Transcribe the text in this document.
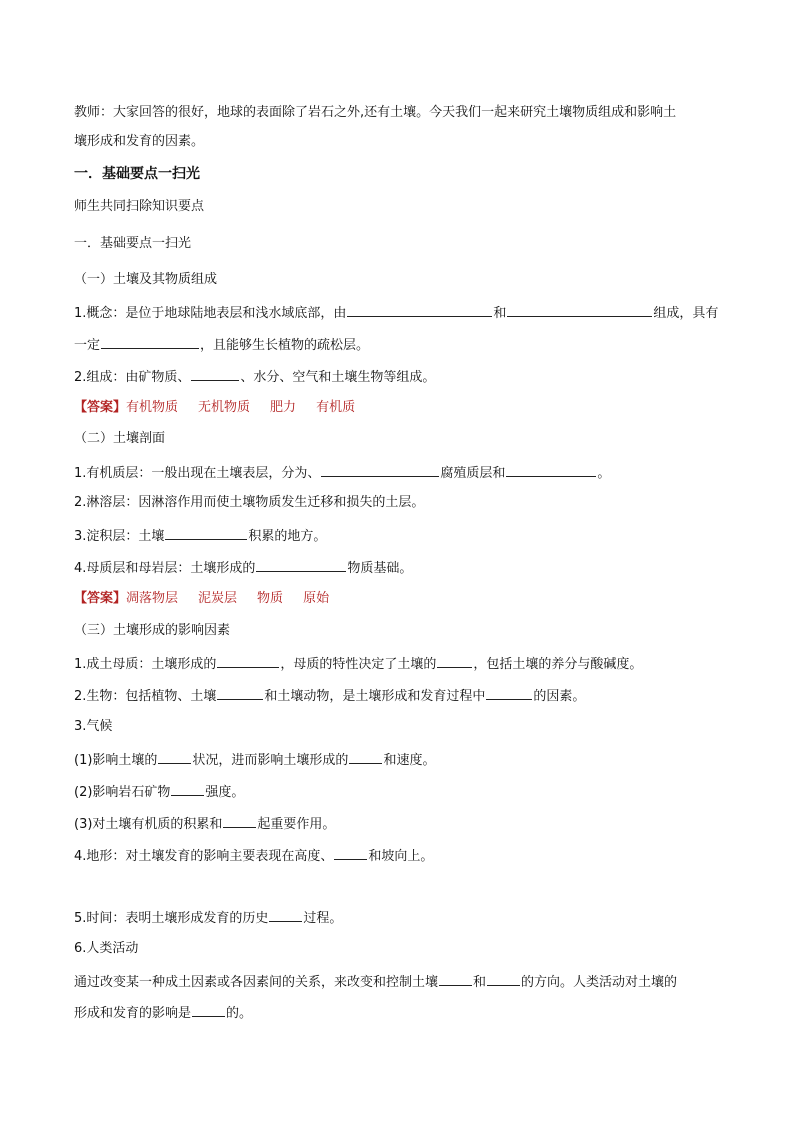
教师：大家回答的很好，地球的表面除了岩石之外,还有土壤。今天我们一起来研究土壤物质组成和影响土
壤形成和发育的因素。
一．基础要点一扫光
师生共同扫除知识要点
一．基础要点一扫光
（一）土壤及其物质组成
1.概念：是位于地球陆地表层和浅水域底部，由	和	组成，具有
一定	，且能够生长植物的疏松层。
2.组成：由矿物质、	、水分、空气和土壤生物等组成。
【答案】有机物质 无机物质 肥力 有机质
（二）土壤剖面
1.有机质层：一般出现在土壤表层，分为、	腐殖质层和	。
2.淋溶层：因淋溶作用而使土壤物质发生迁移和损失的土层。
3.淀积层：土壤	积累的地方。
4.母质层和母岩层：土壤形成的	物质基础。
【答案】凋落物层 泥炭层 物质 原始
（三）土壤形成的影响因素
1.成土母质：土壤形成的	，母质的特性决定了土壤的	，包括土壤的养分与酸碱度。
2.生物：包括植物、土壤	和土壤动物，是土壤形成和发育过程中	的因素。
3.气候
(1)影响土壤的	状况，进而影响土壤形成的	和速度。
(2)影响岩石矿物	强度。
(3)对土壤有机质的积累和	起重要作用。
4.地形：对土壤发育的影响主要表现在高度、	和坡向上。
5.时间：表明土壤形成发育的历史	过程。
6.人类活动
通过改变某一种成土因素或各因素间的关系，来改变和控制土壤	和	的方向。人类活动对土壤的
形成和发育的影响是	的。
